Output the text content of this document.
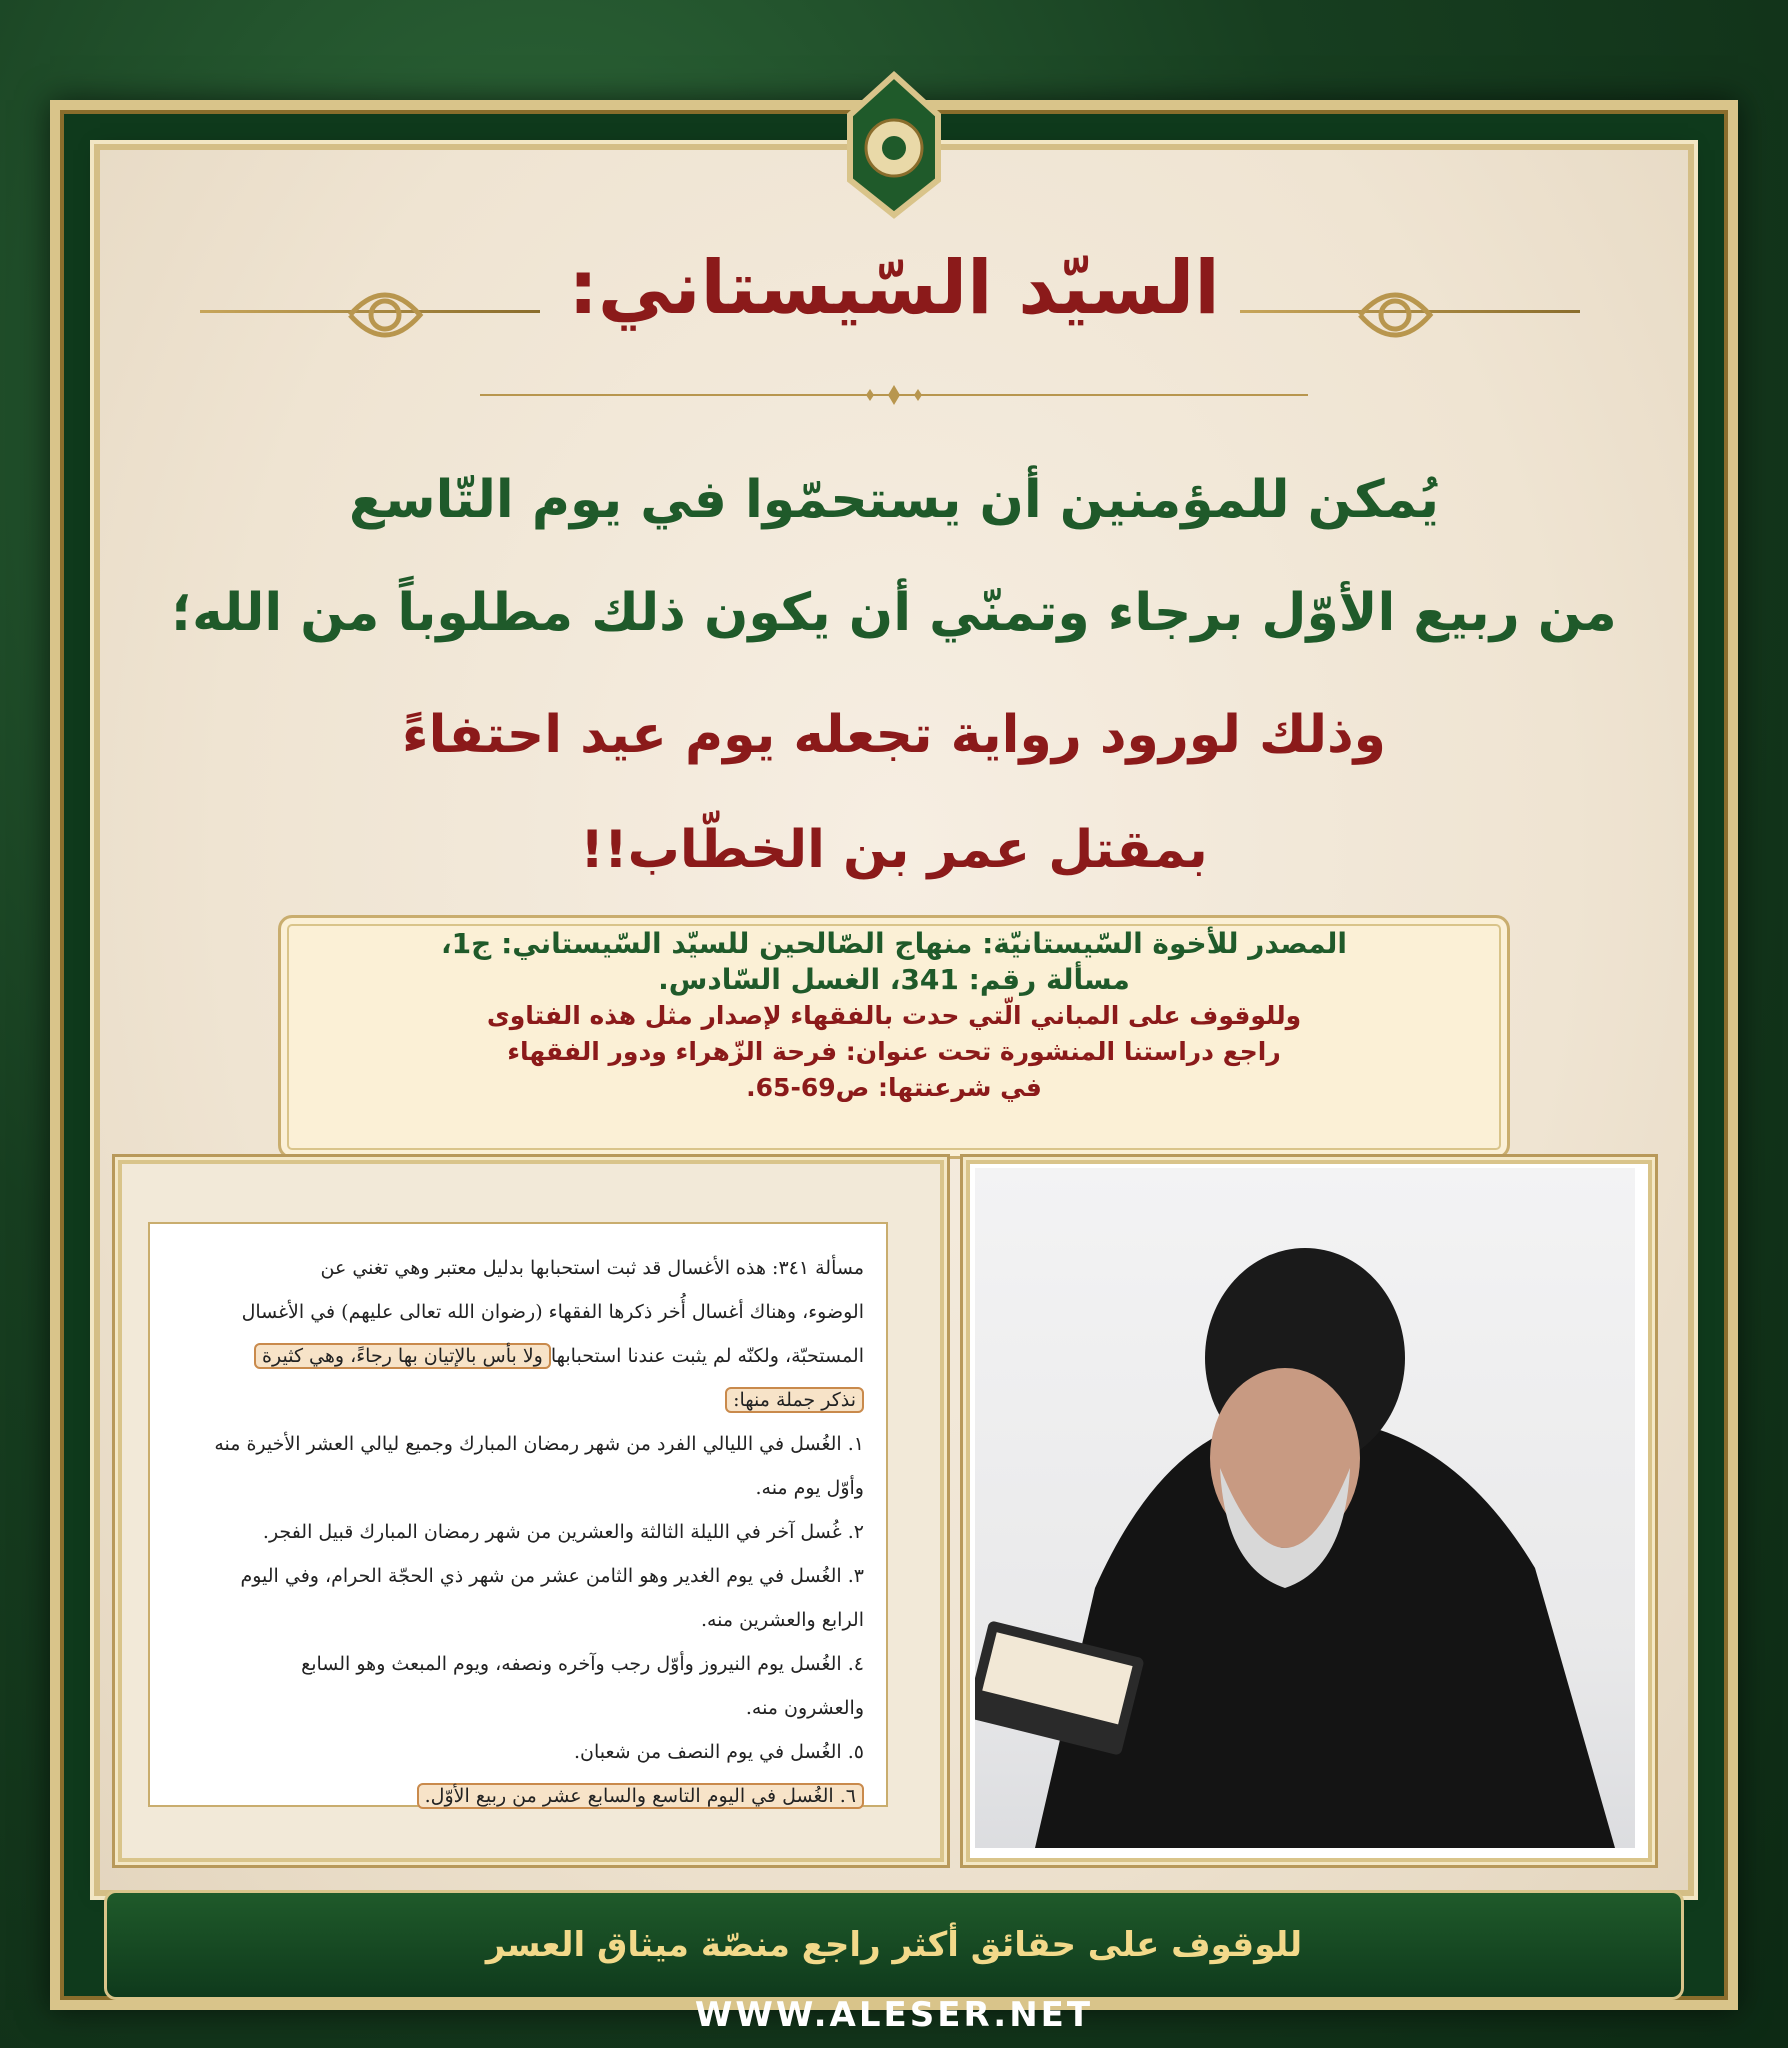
السيّد السّيستاني:
يُمكن للمؤمنين أن يستحمّوا في يوم التّاسع
من ربيع الأوّل برجاء وتمنّي أن يكون ذلك مطلوباً من الله؛
وذلك لورود رواية تجعله يوم عيد احتفاءً
بمقتل عمر بن الخطّاب!!
المصدر للأخوة السّيستانيّة: منهاج الصّالحين للسيّد السّيستاني: ج1،
مسألة رقم: 341، الغسل السّادس.
وللوقوف على المباني الّتي حدت بالفقهاء لإصدار مثل هذه الفتاوى
راجع دراستنا المنشورة تحت عنوان: فرحة الزّهراء ودور الفقهاء
في شرعنتها: ص69-65.

مسألة ٣٤١: هذه الأغسال قد ثبت استحبابها بدليل معتبر وهي تغني عن

الوضوء، وهناك أغسال أُخر ذكرها الفقهاء (رضوان الله تعالى عليهم) في الأغسال

المستحبّة، ولكنّه لم يثبت عندنا استحبابهاولا بأس بالإتيان بها رجاءً، وهي كثيرة

نذكر جملة منها:

١. الغُسل في الليالي الفرد من شهر رمضان المبارك وجميع ليالي العشر الأخيرة منه

وأوّل يوم منه.

٢. غُسل آخر في الليلة الثالثة والعشرين من شهر رمضان المبارك قبيل الفجر.

٣. الغُسل في يوم الغدير وهو الثامن عشر من شهر ذي الحجّة الحرام، وفي اليوم

الرابع والعشرين منه.

٤. الغُسل يوم النيروز وأوّل رجب وآخره ونصفه، ويوم المبعث وهو السابع

والعشرون منه.

٥. الغُسل في يوم النصف من شعبان.

٦. الغُسل في اليوم التاسع والسابع عشر من ربيع الأوّل.

للوقوف على حقائق أكثر راجع منصّة ميثاق العسر
WWW.ALESER.NET
